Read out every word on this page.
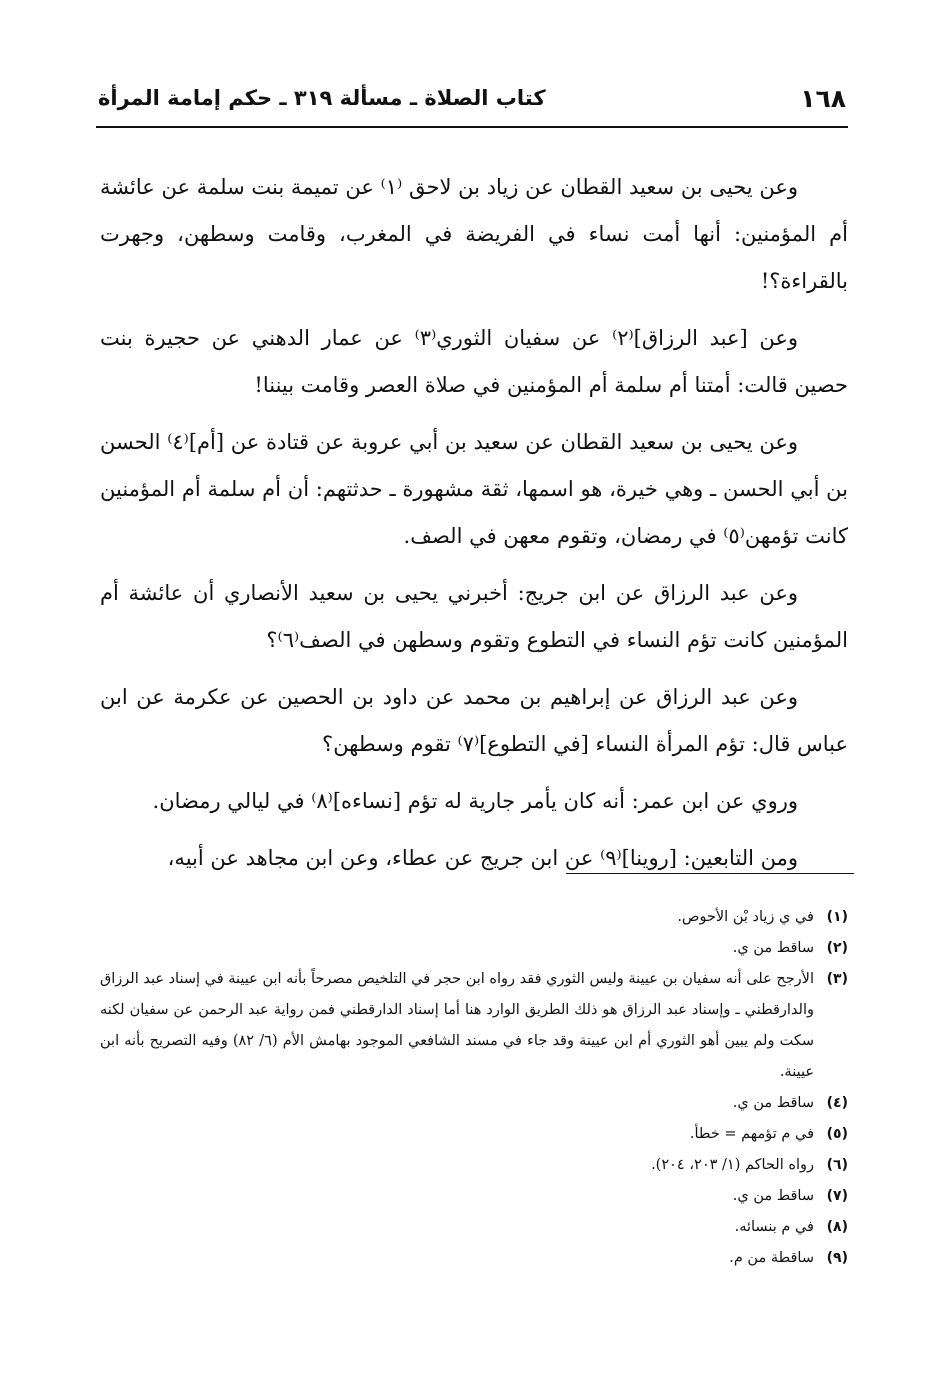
١٦٨
كتاب الصلاة ـ مسألة ٣١٩ ـ حكم إمامة المرأة

وعن يحيى بن سعيد القطان عن زياد بن لاحق ⁽١⁾ عن تميمة بنت سلمة عن عائشة أم المؤمنين: أنها أمت نساء في الفريضة في المغرب، وقامت وسطهن، وجهرت بالقراءة؟!

وعن [عبد الرزاق]⁽٢⁾ عن سفيان الثوري⁽٣⁾ عن عمار الدهني عن حجيرة بنت حصين قالت: أمتنا أم سلمة أم المؤمنين في صلاة العصر وقامت بيننا!

وعن يحيى بن سعيد القطان عن سعيد بن أبي عروبة عن قتادة عن [أم]⁽٤⁾ الحسن بن أبي الحسن ـ وهي خيرة، هو اسمها، ثقة مشهورة ـ حدثتهم: أن أم سلمة أم المؤمنين كانت تؤمهن⁽٥⁾ في رمضان، وتقوم معهن في الصف.

وعن عبد الرزاق عن ابن جريج: أخبرني يحيى بن سعيد الأنصاري أن عائشة أم المؤمنين كانت تؤم النساء في التطوع وتقوم وسطهن في الصف⁽٦⁾؟

وعن عبد الرزاق عن إبراهيم بن محمد عن داود بن الحصين عن عكرمة عن ابن عباس قال: تؤم المرأة النساء [في التطوع]⁽٧⁾ تقوم وسطهن؟

وروي عن ابن عمر: أنه كان يأمر جارية له تؤم [نساءه]⁽٨⁾ في ليالي رمضان.

ومن التابعين: [روينا]⁽٩⁾ عن ابن جريج عن عطاء، وعن ابن مجاهد عن أبيه،

(١)
في ي زياد بْن الأحوص.
(٢)
ساقط من ي.
(٣)
الأرجح على أنه سفيان بن عيينة وليس الثوري فقد رواه ابن حجر في التلخيص مصرحاً بأنه ابن عيينة في إسناد عبد الرزاق والدارقطني ـ وإسناد عبد الرزاق هو ذلك الطريق الوارد هنا أما إسناد الدارقطني فمن رواية عبد الرحمن عن سفيان لكنه سكت ولم يبين أهو الثوري أم ابن عيينة وقد جاء في مسند الشافعي الموجود بهامش الأم (٦/ ٨٢) وفيه التصريح بأنه ابن عيينة.
(٤)
ساقط من ي.
(٥)
في م تؤمهم = خطأ.
(٦)
رواه الحاكم (١/ ٢٠٣، ٢٠٤).
(٧)
ساقط من ي.
(٨)
في م بنسائه.
(٩)
ساقطة من م.
